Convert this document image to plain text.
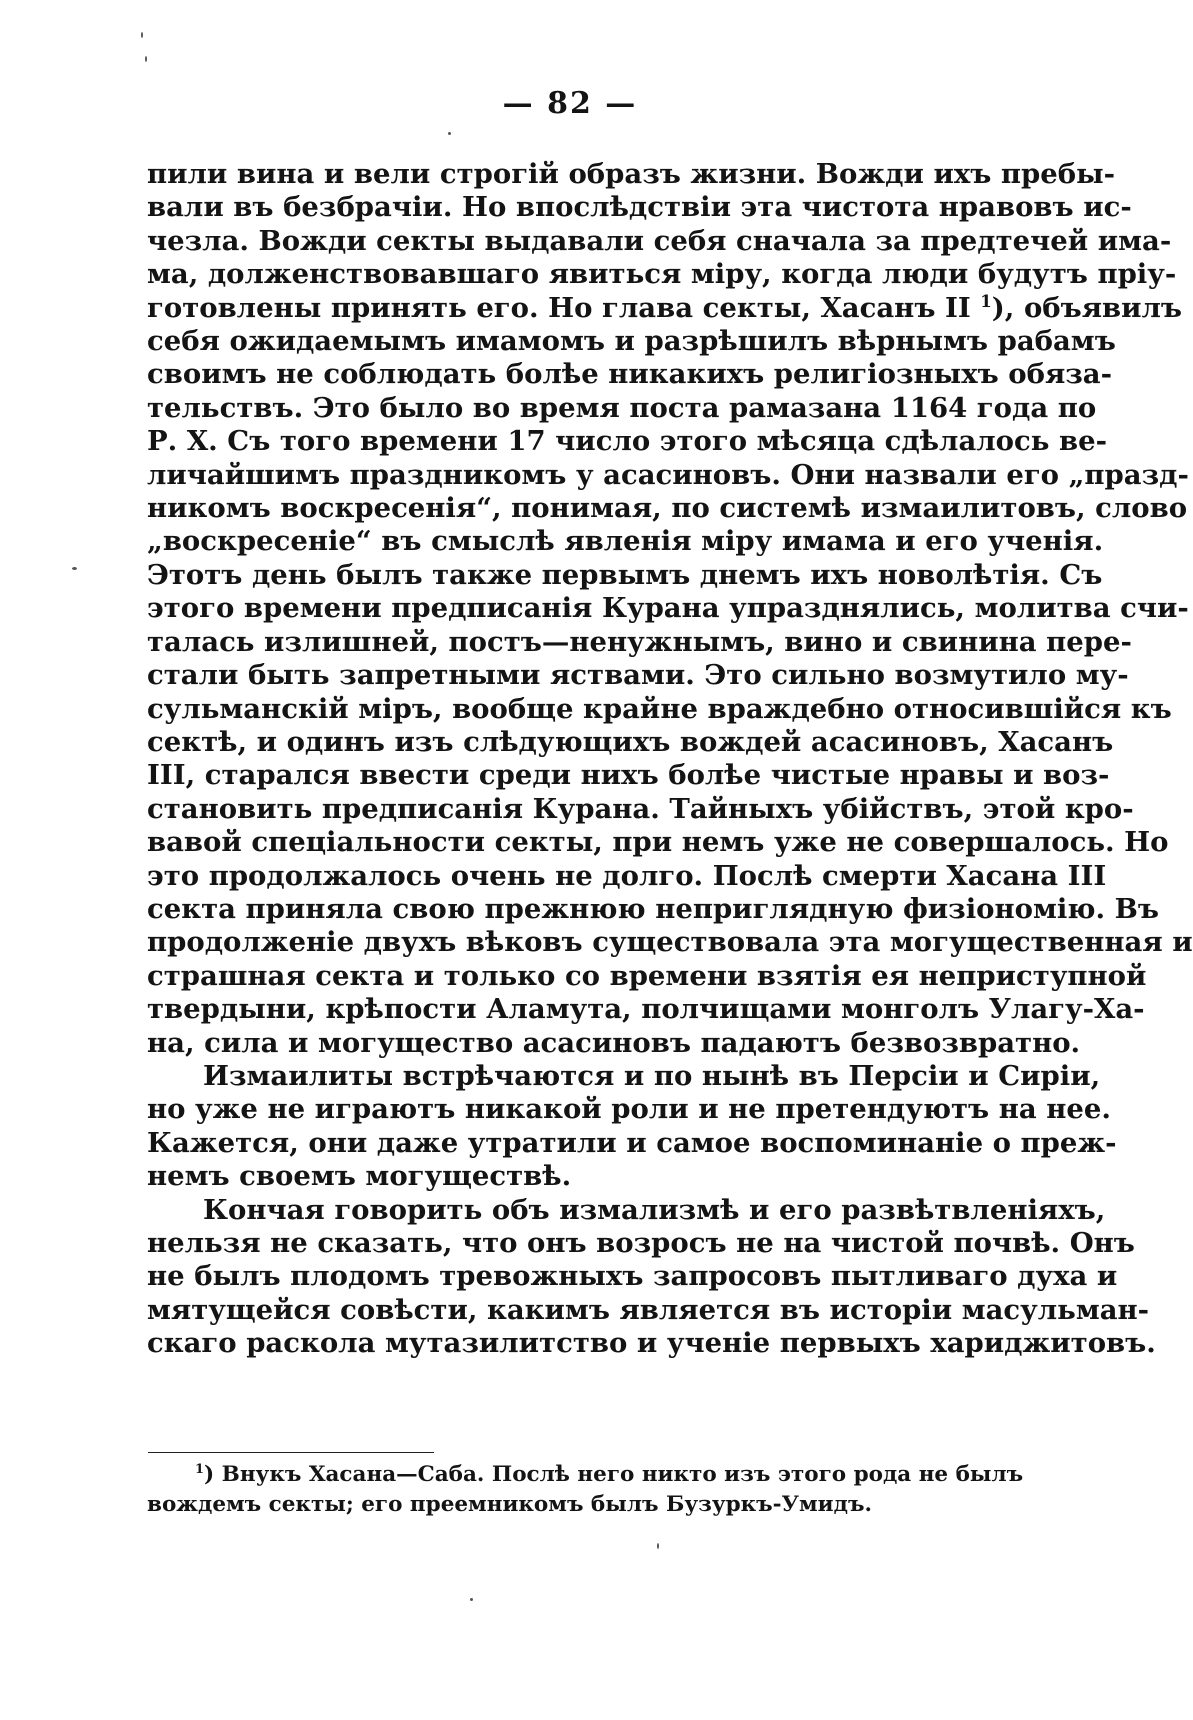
— 82 —
пили вина и вели строгій образъ жизни. Вожди ихъ пребы-
вали въ безбрачіи. Но впослѣдствіи эта чистота нравовъ ис-
чезла. Вожди секты выдавали себя сначала за предтечей има-
ма, долженствовавшаго явиться міру, когда люди будутъ пріу-
готовлены принять его. Но глава секты, Хасанъ II $^1$), объявилъ
себя ожидаемымъ имамомъ и разрѣшилъ вѣрнымъ рабамъ
своимъ не соблюдать болѣе никакихъ религіозныхъ обяза-
тельствъ. Это было во время поста рамазана 1164 года по
Р. Х. Съ того времени 17 число этого мѣсяца сдѣлалось ве-
личайшимъ праздникомъ у асасиновъ. Они назвали его „празд-
никомъ воскресенія“, понимая, по системѣ измаилитовъ, слово
„воскресеніе“ въ смыслѣ явленія міру имама и его ученія.
Этотъ день былъ также первымъ днемъ ихъ новолѣтія. Съ
этого времени предписанія Курана упразднялись, молитва счи-
талась излишней, постъ—ненужнымъ, вино и свинина пере-
стали быть запретными яствами. Это сильно возмутило му-
сульманскій міръ, вообще крайне враждебно относившійся къ
сектѣ, и одинъ изъ слѣдующихъ вождей асасиновъ, Хасанъ
III, старался ввести среди нихъ болѣе чистые нравы и воз-
становить предписанія Курана. Тайныхъ убійствъ, этой кро-
вавой спеціальности секты, при немъ уже не совершалось. Но
это продолжалось очень не долго. Послѣ смерти Хасана III
секта приняла свою прежнюю неприглядную физіономію. Въ
продолженіе двухъ вѣковъ существовала эта могущественная и
страшная секта и только со времени взятія ея неприступной
твердыни, крѣпости Аламута, полчищами монголъ Улагу-Ха-
на, сила и могущество асасиновъ падаютъ безвозвратно.
Измаилиты встрѣчаются и по нынѣ въ Персіи и Сиріи,
но уже не играютъ никакой роли и не претендуютъ на нее.
Кажется, они даже утратили и самое воспоминаніе о преж-
немъ своемъ могуществѣ.
Кончая говорить объ измализмѣ и его развѣтвленіяхъ,
нельзя не сказать, что онъ возросъ не на чистой почвѣ. Онъ
не былъ плодомъ тревожныхъ запросовъ пытливаго духа и
мятущейся совѣсти, какимъ является въ исторіи масульман-
скаго раскола мутазилитство и ученіе первыхъ хариджитовъ.
$^1$) Внукъ Хасана—Саба. Послѣ него никто изъ этого рода не былъ
вождемъ секты; его преемникомъ былъ Бузуркъ-Умидъ.
